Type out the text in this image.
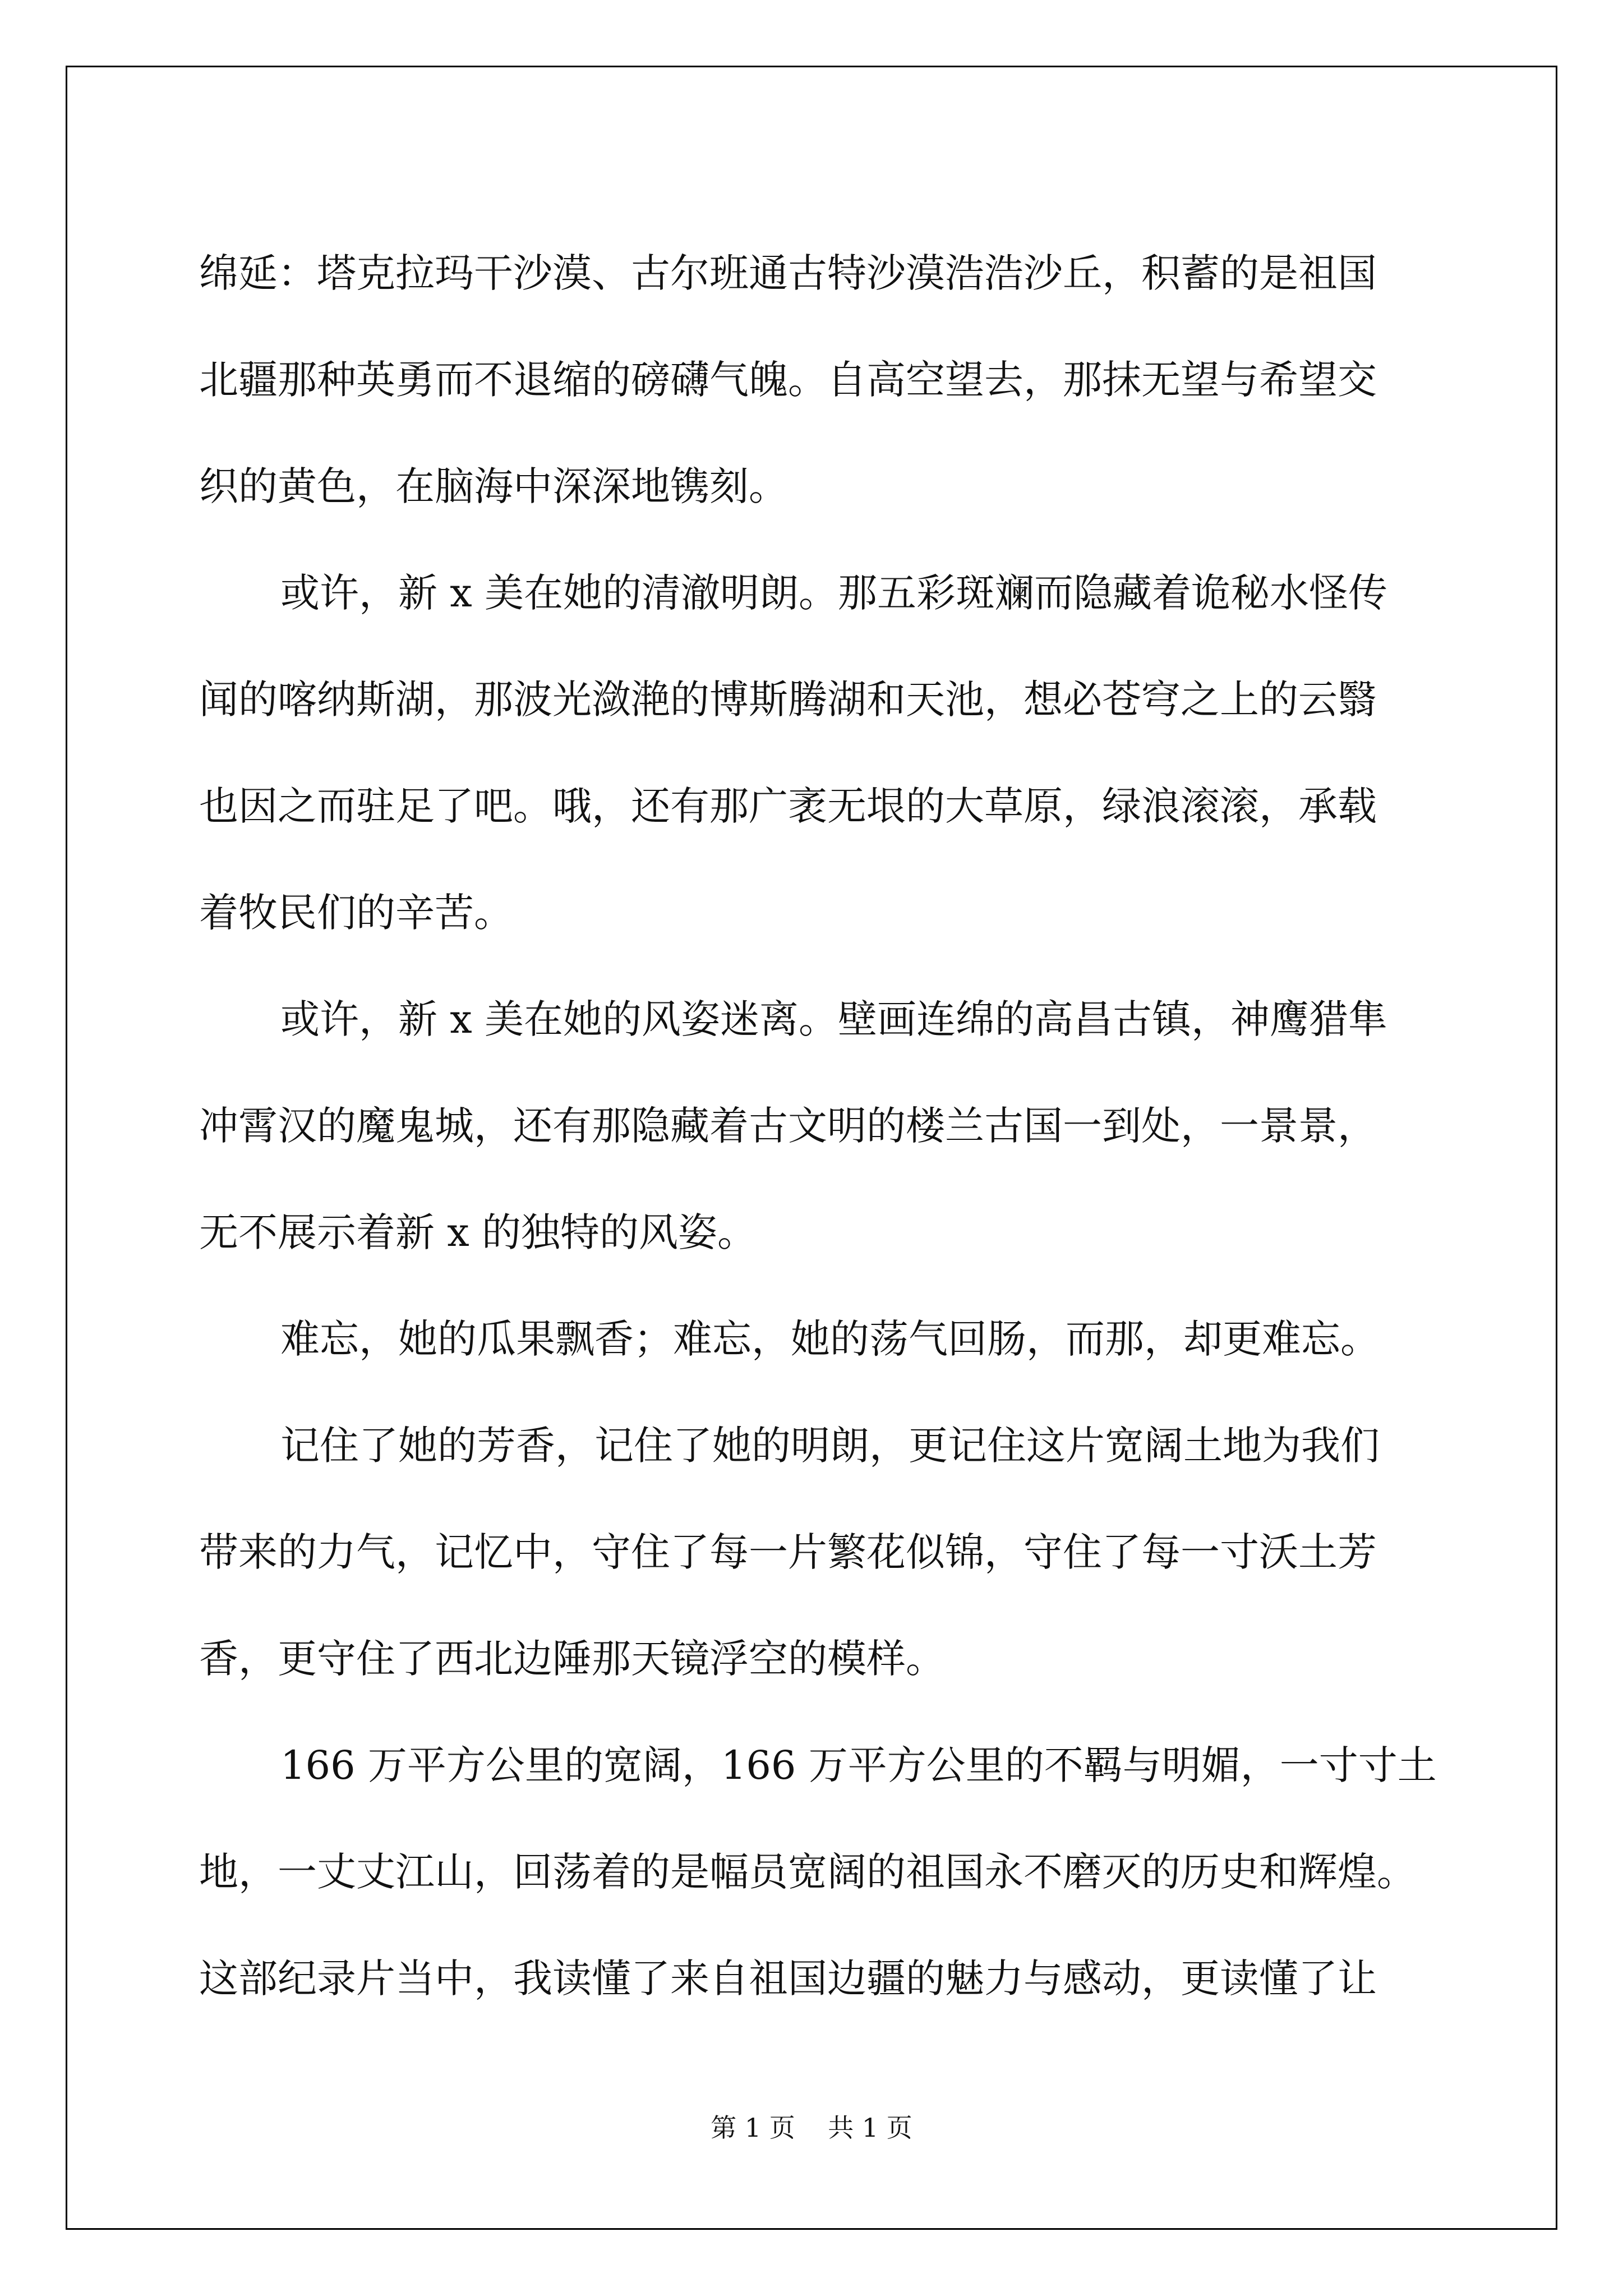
绵延：塔克拉玛干沙漠、古尔班通古特沙漠浩浩沙丘，积蓄的是祖国
北疆那种英勇而不退缩的磅礴气魄。自高空望去，那抹无望与希望交
织的黄色，在脑海中深深地镌刻。
或许，新 x 美在她的清澈明朗。那五彩斑斓而隐藏着诡秘水怪传
闻的喀纳斯湖，那波光潋滟的博斯腾湖和天池，想必苍穹之上的云翳
也因之而驻足了吧。哦，还有那广袤无垠的大草原，绿浪滚滚，承载
着牧民们的辛苦。
或许，新 x 美在她的风姿迷离。壁画连绵的高昌古镇，神鹰猎隼
冲霄汉的魔鬼城，还有那隐藏着古文明的楼兰古国一到处，一景景，
无不展示着新 x 的独特的风姿。
难忘，她的瓜果飘香；难忘，她的荡气回肠，而那，却更难忘。
记住了她的芳香，记住了她的明朗，更记住这片宽阔土地为我们
带来的力气，记忆中，守住了每一片繁花似锦，守住了每一寸沃土芳
香，更守住了西北边陲那天镜浮空的模样。
166 万平方公里的宽阔，166 万平方公里的不羁与明媚，一寸寸土
地，一丈丈江山，回荡着的是幅员宽阔的祖国永不磨灭的历史和辉煌。
这部纪录片当中，我读懂了来自祖国边疆的魅力与感动，更读懂了让
第 1 页    共 1 页
